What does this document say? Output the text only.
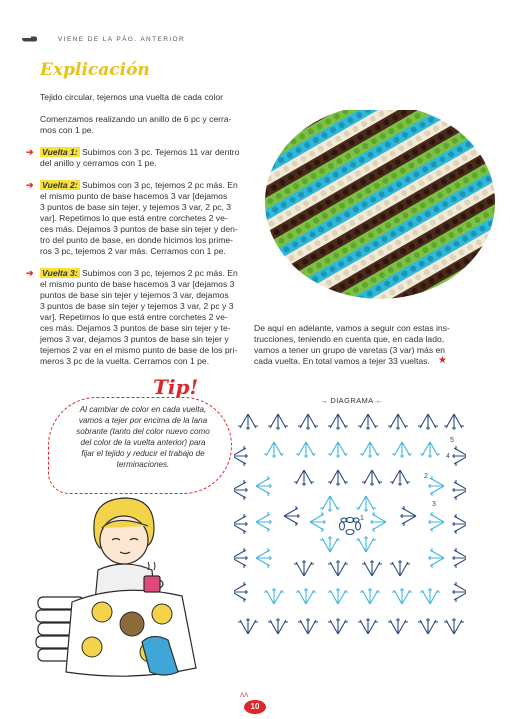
VIENE DE LA PÁG. ANTERIOR
Explicación
Tejido circular, tejemos una vuelta de cada color
Comenzamos realizando un anillo de 6 pc y cerra-
mos con 1 pe.
➔ Vuelta 1: Subimos con 3 pc. Tejemos 11 var dentro
del anillo y cerramos con 1 pe.
➔ Vuelta 2: Subimos con 3 pc, tejemos 2 pc más. En
el mismo punto de base hacemos 3 var [dejamos
3 puntos de base sin tejer, y tejemos 3 var, 2 pc, 3
var]. Repetimos lo que está entre corchetes 2 ve-
ces más. Dejamos 3 puntos de base sin tejer y den-
tro del punto de base, en donde hicimos los prime-
ros 3 pc, tejemos 2 var más. Cerramos con 1 pe.
➔ Vuelta 3: Subimos con 3 pc, tejemos 2 pc más. En
el mismo punto de base hacemos 3 var [dejamos 3
puntos de base sin tejer y tejemos 3 var, dejamos
3 puntos de base sin tejer y tejemos 3 var, 2 pc y 3
var]. Repetimos lo que está entre corchetes 2 ve-
ces más. Dejamos 3 puntos de base sin tejer y te-
jemos 3 var, dejamos 3 puntos de base sin tejer y
tejemos 2 var en el mismo punto de base de los pri-
meros 3 pc de la vuelta. Cerramos con 1 pe.
De aquí en adelante, vamos a seguir con estas ins-
trucciones, teniendo en cuenta que, en cada lado,
vamos a tener un grupo de varetas (3 var) más en
cada vuelta. En total vamos a tejer 33 vueltas. ★
Tip!
Al cambiar de color en cada vuelta,
vamos a tejer por encima de la lana
sobrante (tanto del color nuevo como
del color de la vuelta anterior) para
fijar el tejido y reducir el trabajo de
terminaciones.
→ DIAGRAMA ←
1
2
3
5
4
10
ᐱᐱ
